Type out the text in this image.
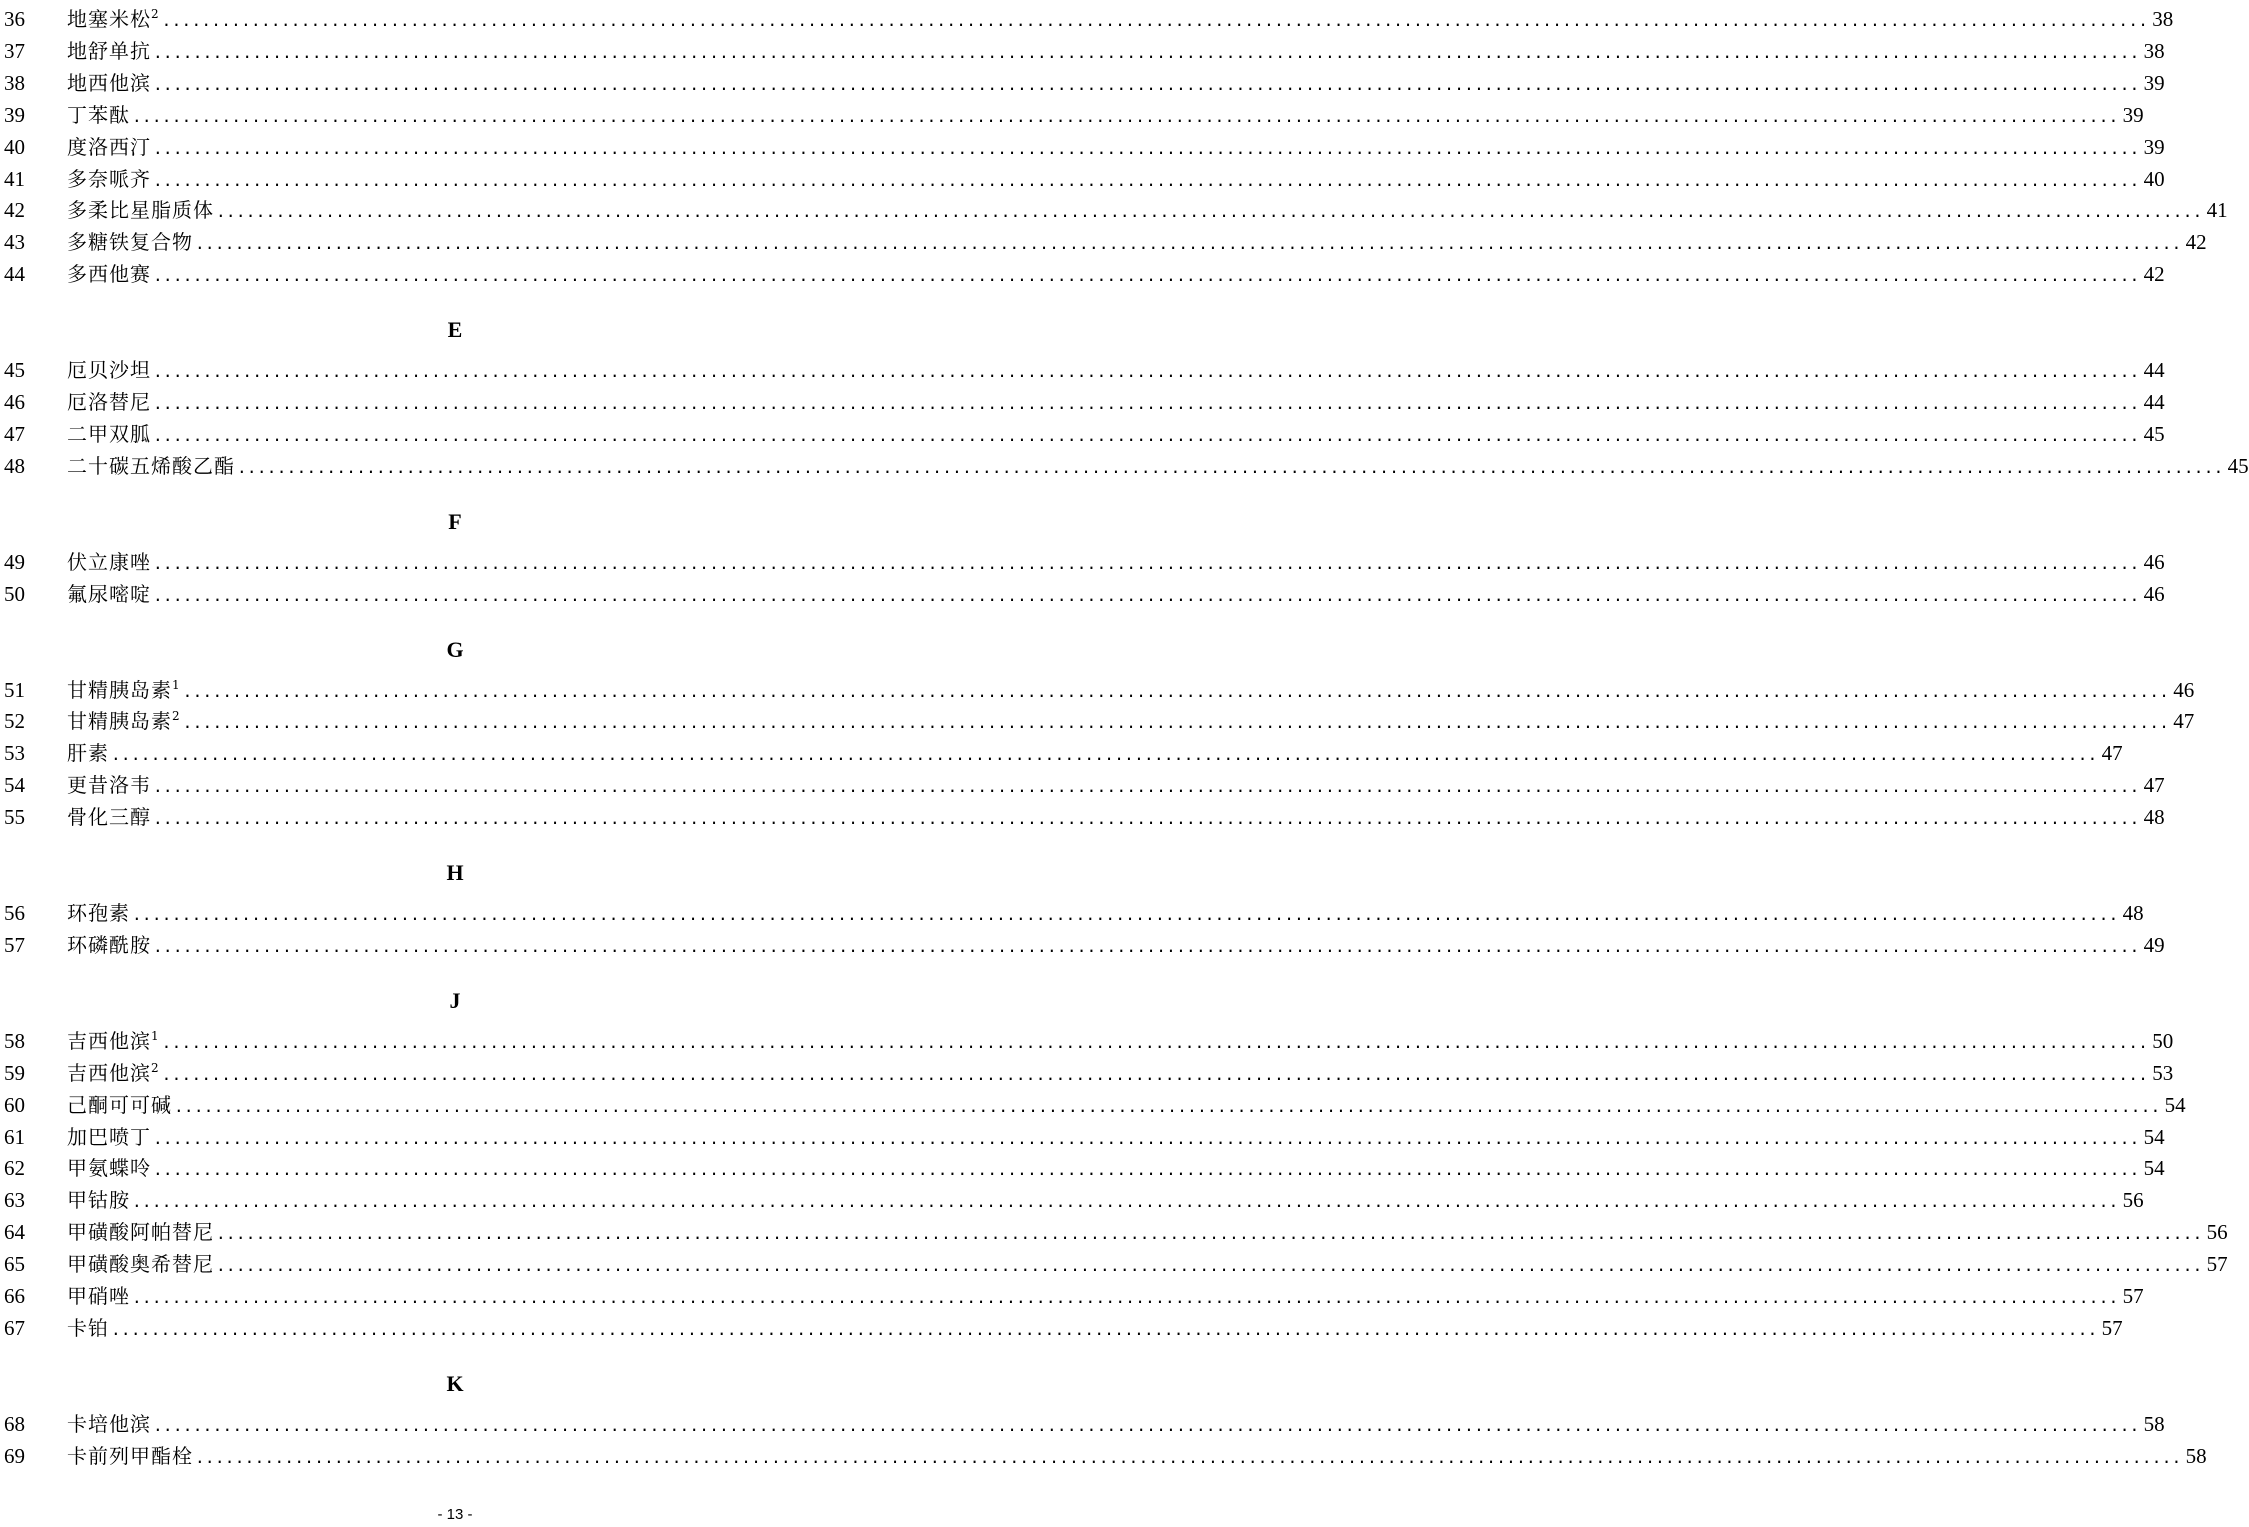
36 地塞米松$^2$ ........................................................................................................................................................................................................ 38
37 地舒单抗 ........................................................................................................................................................................................................ 38
38 地西他滨 ........................................................................................................................................................................................................ 39
39 丁苯酞 ........................................................................................................................................................................................................ 39
40 度洛西汀 ........................................................................................................................................................................................................ 39
41 多奈哌齐 ........................................................................................................................................................................................................ 40
42 多柔比星脂质体 ........................................................................................................................................................................................................ 41
43 多糖铁复合物 ........................................................................................................................................................................................................ 42
44 多西他赛 ........................................................................................................................................................................................................ 42
E
45 厄贝沙坦 ........................................................................................................................................................................................................ 44
46 厄洛替尼 ........................................................................................................................................................................................................ 44
47 二甲双胍 ........................................................................................................................................................................................................ 45
48 二十碳五烯酸乙酯 ........................................................................................................................................................................................................ 45
F
49 伏立康唑 ........................................................................................................................................................................................................ 46
50 氟尿嘧啶 ........................................................................................................................................................................................................ 46
G
51 甘精胰岛素$^1$ ........................................................................................................................................................................................................ 46
52 甘精胰岛素$^2$ ........................................................................................................................................................................................................ 47
53 肝素 ........................................................................................................................................................................................................ 47
54 更昔洛韦 ........................................................................................................................................................................................................ 47
55 骨化三醇 ........................................................................................................................................................................................................ 48
H
56 环孢素 ........................................................................................................................................................................................................ 48
57 环磷酰胺 ........................................................................................................................................................................................................ 49
J
58 吉西他滨$^1$ ........................................................................................................................................................................................................ 50
59 吉西他滨$^2$ ........................................................................................................................................................................................................ 53
60 己酮可可碱 ........................................................................................................................................................................................................ 54
61 加巴喷丁 ........................................................................................................................................................................................................ 54
62 甲氨蝶呤 ........................................................................................................................................................................................................ 54
63 甲钴胺 ........................................................................................................................................................................................................ 56
64 甲磺酸阿帕替尼 ........................................................................................................................................................................................................ 56
65 甲磺酸奥希替尼 ........................................................................................................................................................................................................ 57
66 甲硝唑 ........................................................................................................................................................................................................ 57
67 卡铂 ........................................................................................................................................................................................................ 57
K
68 卡培他滨 ........................................................................................................................................................................................................ 58
69 卡前列甲酯栓 ........................................................................................................................................................................................................ 58
- 13 -
